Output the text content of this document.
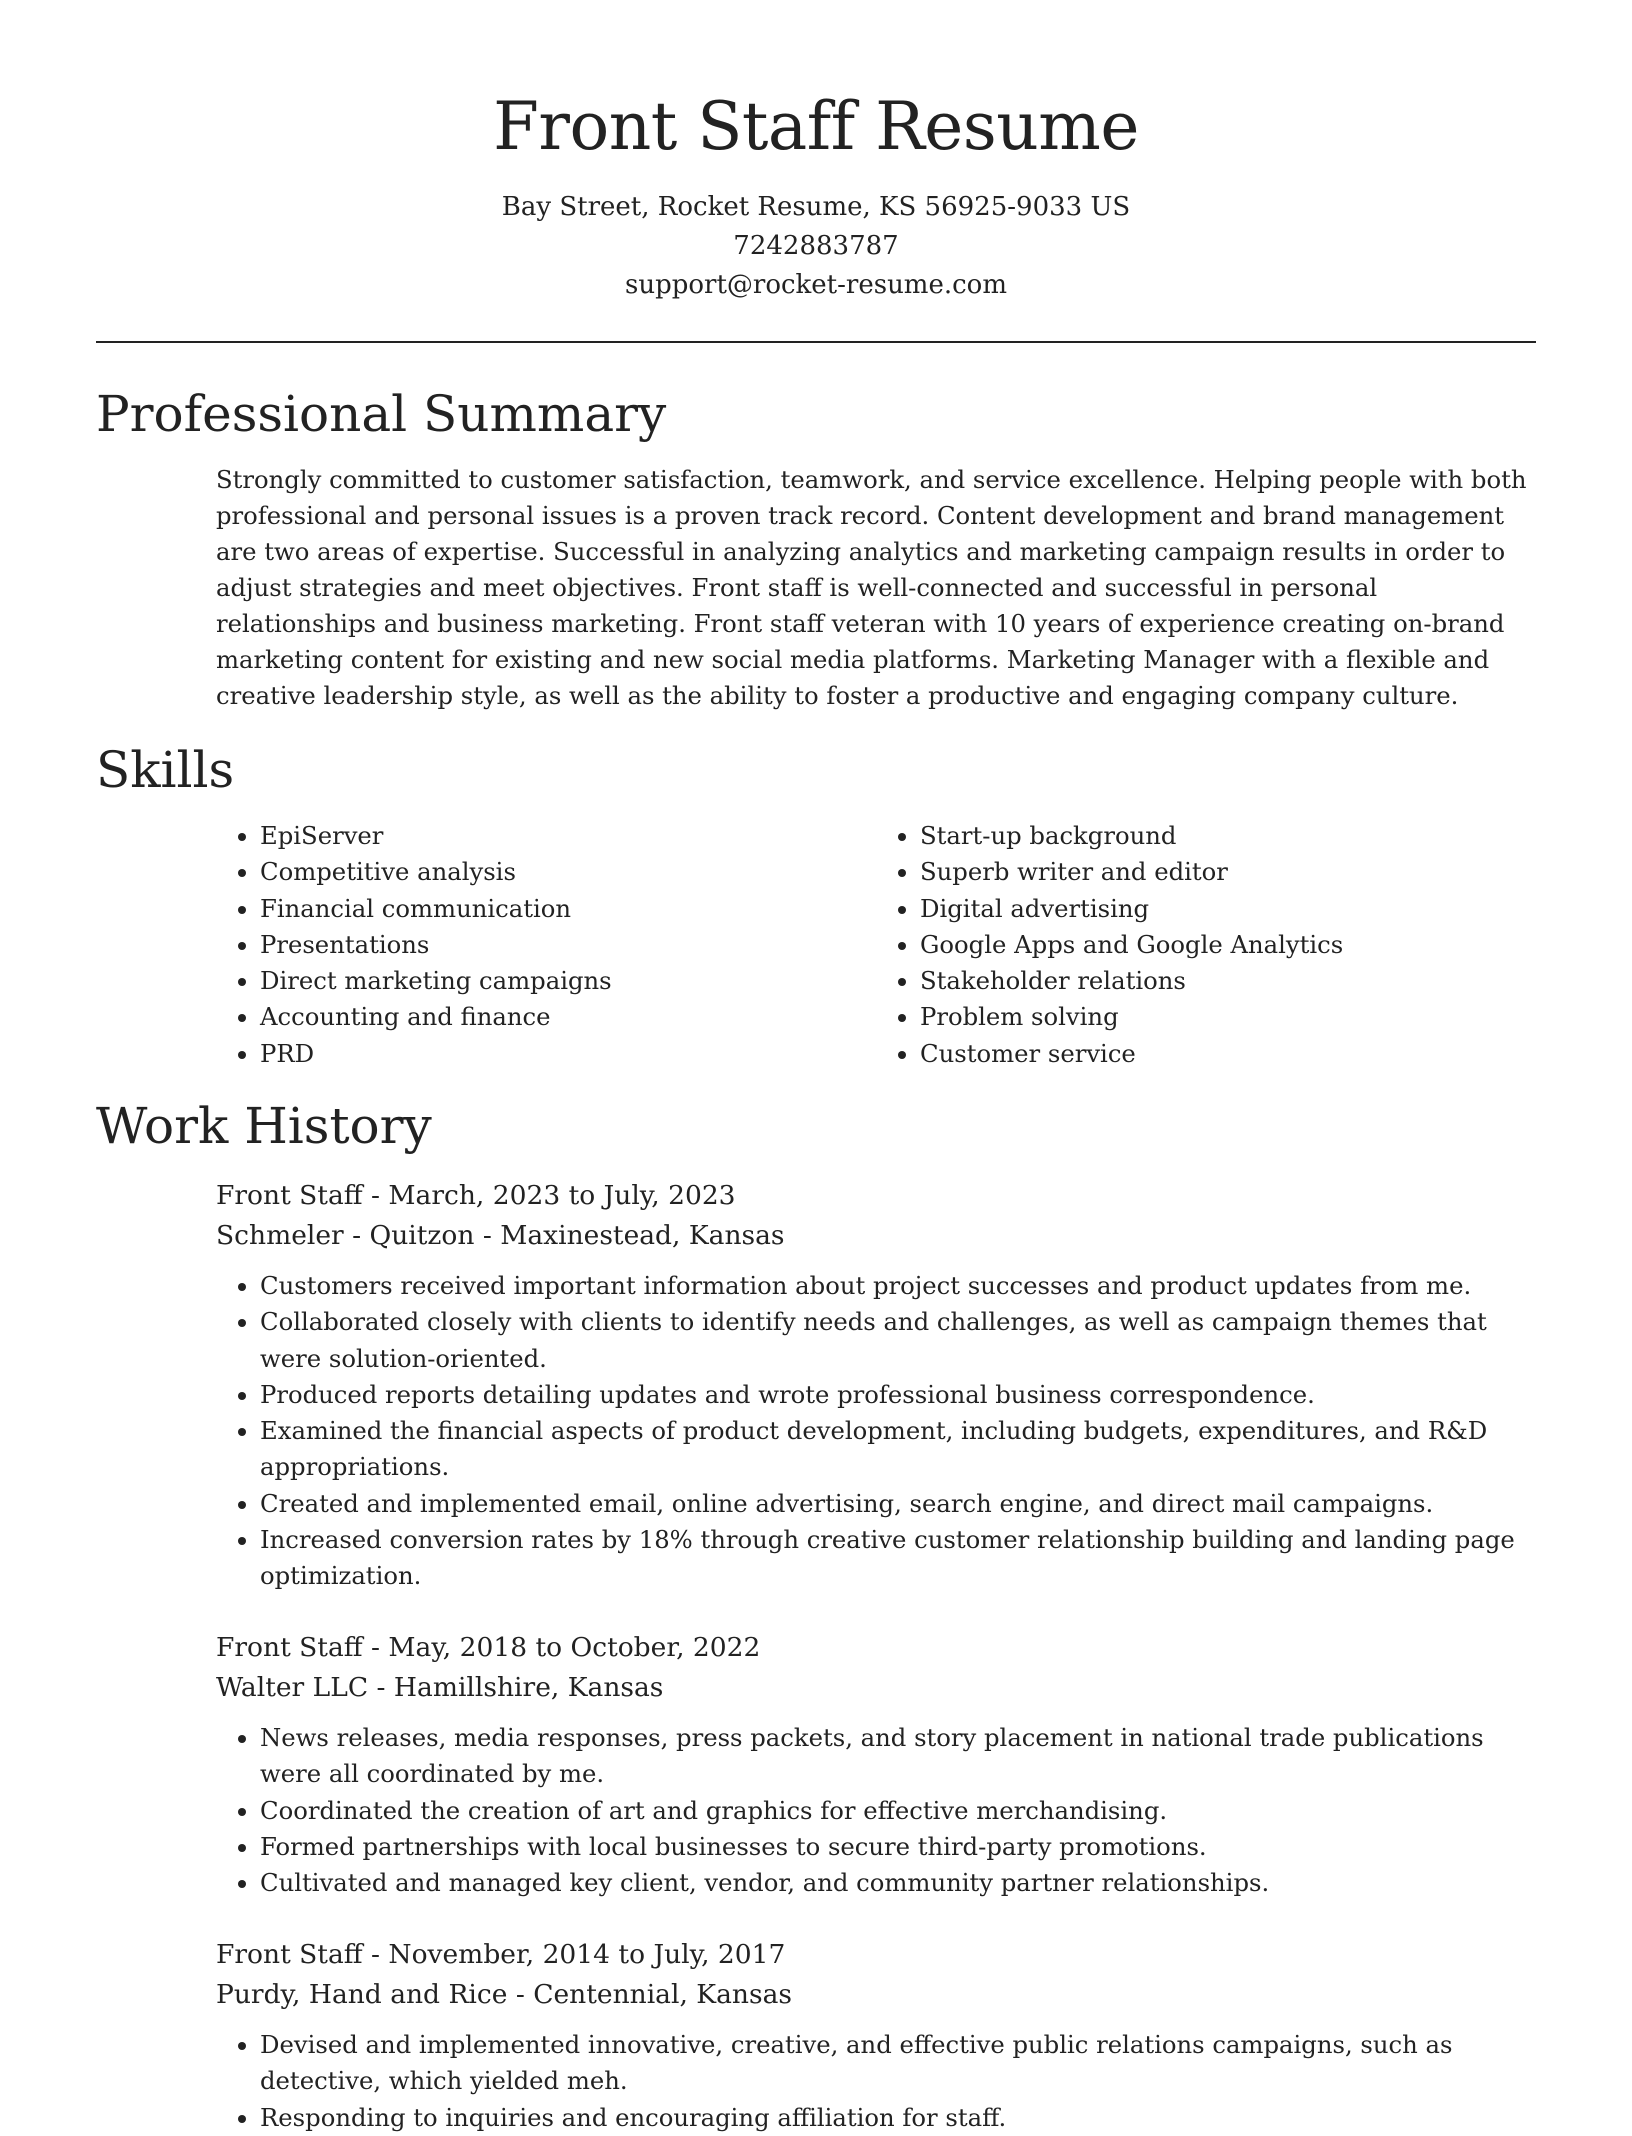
Front Staff Resume
Bay Street, Rocket Resume, KS 56925-9033 US
7242883787
support@rocket-resume.com
Professional Summary

Strongly committed to customer satisfaction, teamwork, and service excellence. Helping people with both professional and personal issues is a proven track record. Content development and brand management are two areas of expertise. Successful in analyzing analytics and marketing campaign results in order to adjust strategies and meet objectives. Front staff is well-connected and successful in personal relationships and business marketing. Front staff veteran with 10 years of experience creating on-brand marketing content for existing and new social media platforms. Marketing Manager with a flexible and creative leadership style, as well as the ability to foster a productive and engaging company culture.

Skills
• EpiServer
• Competitive analysis
• Financial communication
• Presentations
• Direct marketing campaigns
• Accounting and finance
• PRD
• Start-up background
• Superb writer and editor
• Digital advertising
• Google Apps and Google Analytics
• Stakeholder relations
• Problem solving
• Customer service
Work History
Front Staff - March, 2023 to July, 2023
Schmeler - Quitzon - Maxinestead, Kansas
• Customers received important information about project successes and product updates from me.
• Collaborated closely with clients to identify needs and challenges, as well as campaign themes that were solution-oriented.
• Produced reports detailing updates and wrote professional business correspondence.
• Examined the financial aspects of product development, including budgets, expenditures, and R&D appropriations.
• Created and implemented email, online advertising, search engine, and direct mail campaigns.
• Increased conversion rates by 18% through creative customer relationship building and landing page optimization.
Front Staff - May, 2018 to October, 2022
Walter LLC - Hamillshire, Kansas
• News releases, media responses, press packets, and story placement in national trade publications were all coordinated by me.
• Coordinated the creation of art and graphics for effective merchandising.
• Formed partnerships with local businesses to secure third-party promotions.
• Cultivated and managed key client, vendor, and community partner relationships.
Front Staff - November, 2014 to July, 2017
Purdy, Hand and Rice - Centennial, Kansas
• Devised and implemented innovative, creative, and effective public relations campaigns, such as detective, which yielded meh.
• Responding to inquiries and encouraging affiliation for staff.
